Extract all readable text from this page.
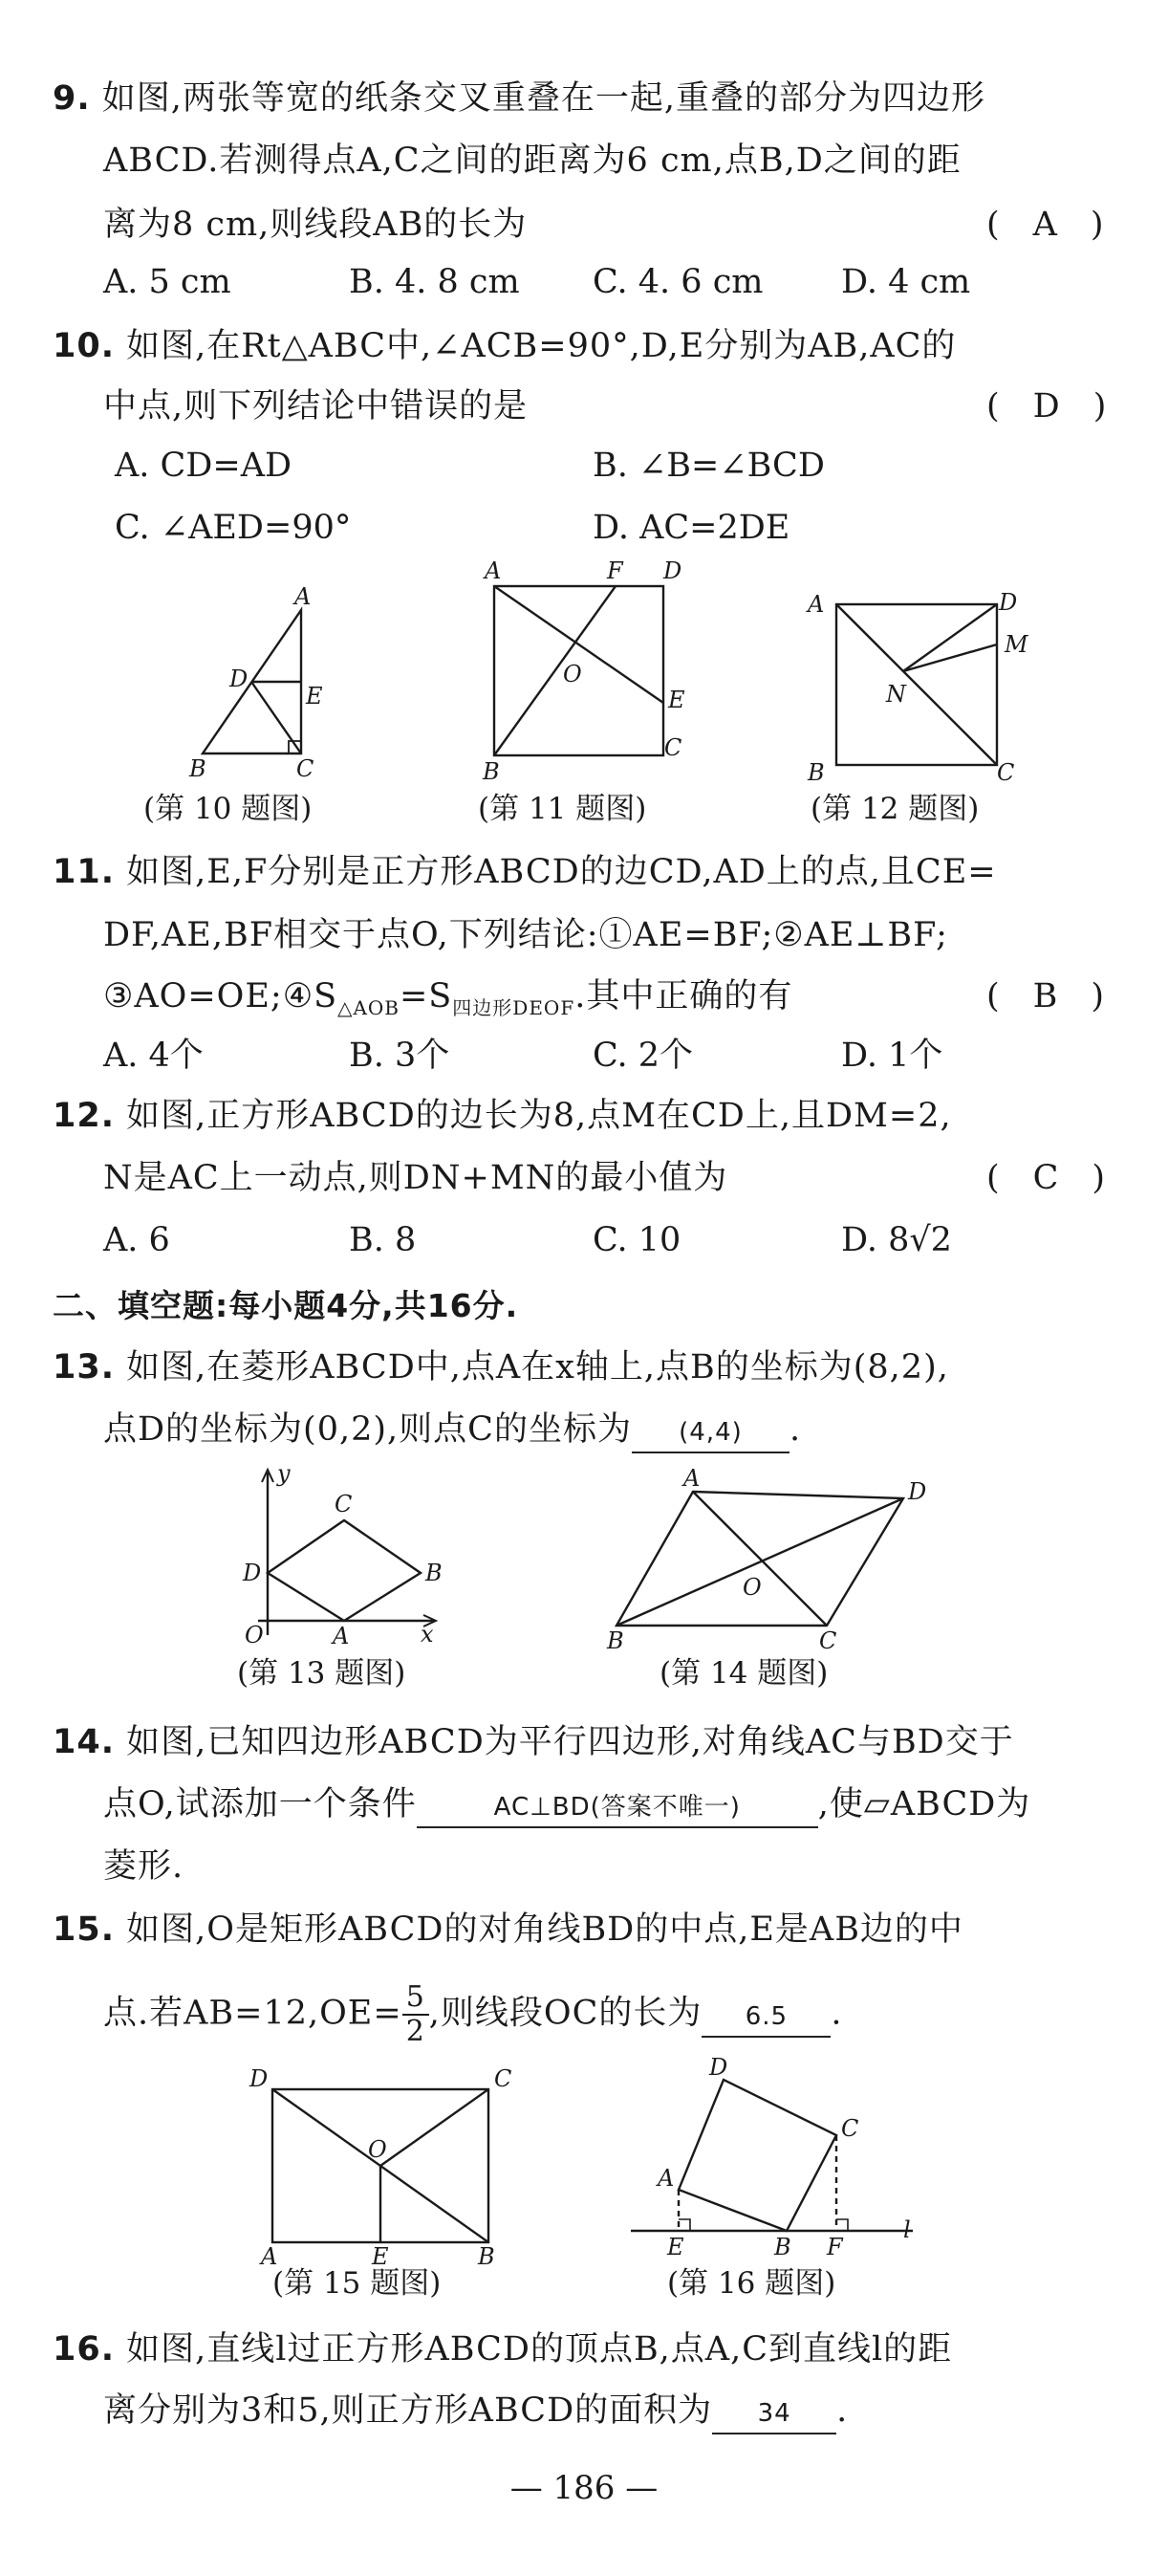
9. 如图,两张等宽的纸条交叉重叠在一起,重叠的部分为四边形
ABCD.若测得点A,C之间的距离为6 cm,点B,D之间的距
离为8 cm,则线段AB的长为	(　A　)
A. 5 cm	B. 4. 8 cm C. 4. 6 cm D. 4 cm
10. 如图,在Rt△ABC中,∠ACB=90°,D,E分别为AB,AC的
中点,则下列结论中错误的是	(　D　)
A. CD=AD	B. ∠B=∠BCD
C. ∠AED=90°	D. AC=2DE
A
D
E
B	C
(第 10 题图)
A	F D
O
E
B
C
(第 11 题图)
A	D
M
N
B	C
(第 12 题图)
11. 如图,E,F分别是正方形ABCD的边CD,AD上的点,且CE=
DF,AE,BF相交于点O,下列结论:①AE=BF;②AE⊥BF;
$③AO=OE;④S_{\triangle AOB}=S_{四边形DEOF}$.其中正确的有	(　B　)
A. 4个	B. 3个	C. 2个	D. 1个
12. 如图,正方形ABCD的边长为8,点M在CD上,且DM=2,
N是AC上一动点,则DN+MN的最小值为	(　C　)
A. 6	B. 8	C. 10	D. 8√2
二、填空题:每小题4分,共16分.
13. 如图,在菱形ABCD中,点A在x轴上,点B的坐标为(8,2),
点D的坐标为(0,2),则点C的坐标为 (4,4) .
y
C
D	B
O	A	x
(第 13 题图)
A	D
O
B	C
(第 14 题图)
14. 如图,已知四边形ABCD为平行四边形,对角线AC与BD交于
点O,试添加一个条件	AC⊥BD(答案不唯一) ,使▱ABCD为
菱形.
15. 如图,O是矩形ABCD的对角线BD的中点,E是AB边的中
点.若$AB=12,OE= \frac{5}{2}$ ,则线段OC的长为 6.5 .
D	C
O
A	E	B
(第 15 题图)
D
C
A
E	B F
l
(第 16 题图)
16. 如图,直线l过正方形ABCD的顶点B,点A,C到直线l的距
离分别为3和5,则正方形ABCD的面积为 34 .
— 186 —
